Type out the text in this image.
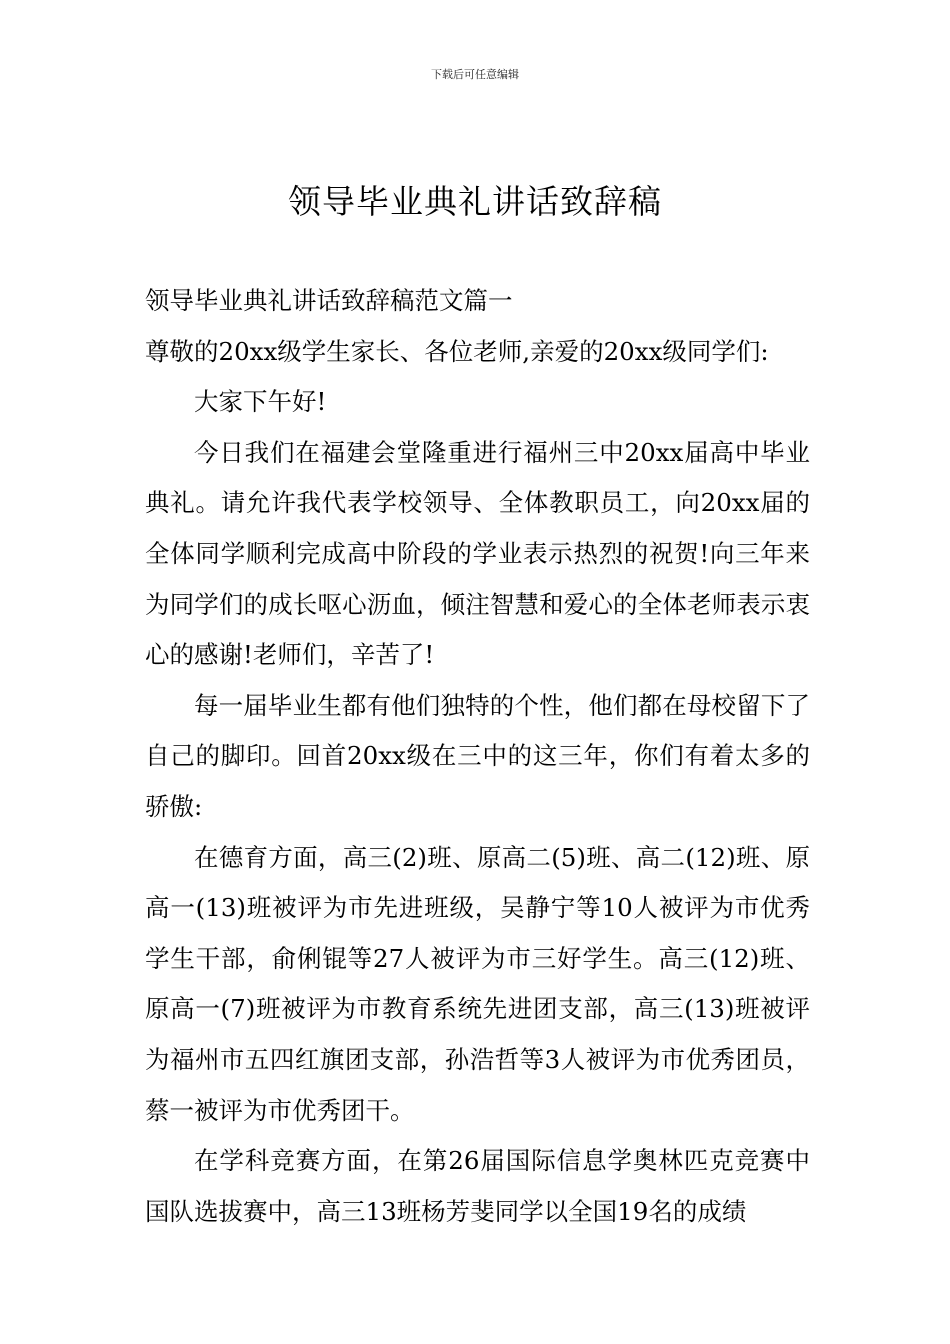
下载后可任意编辑
领导毕业典礼讲话致辞稿

领导毕业典礼讲话致辞稿范文篇一

尊敬的20xx级学生家长、各位老师,亲爱的20xx级同学们:

大家下午好!

今日我们在福建会堂隆重进行福州三中20xx届高中毕业典礼。请允许我代表学校领导、全体教职员工，向20xx届的全体同学顺利完成高中阶段的学业表示热烈的祝贺!向三年来为同学们的成长呕心沥血，倾注智慧和爱心的全体老师表示衷心的感谢!老师们，辛苦了!

每一届毕业生都有他们独特的个性，他们都在母校留下了自己的脚印。回首20xx级在三中的这三年，你们有着太多的骄傲:

在德育方面，高三(2)班、原高二(5)班、高二(12)班、原高一(13)班被评为市先进班级，吴静宁等10人被评为市优秀学生干部，俞俐锟等27人被评为市三好学生。高三(12)班、原高一(7)班被评为市教育系统先进团支部，高三(13)班被评为福州市五四红旗团支部，孙浩哲等3人被评为市优秀团员，蔡一被评为市优秀团干。

在学科竞赛方面，在第26届国际信息学奥林匹克竞赛中国队选拔赛中，高三13班杨芳斐同学以全国19名的成绩
